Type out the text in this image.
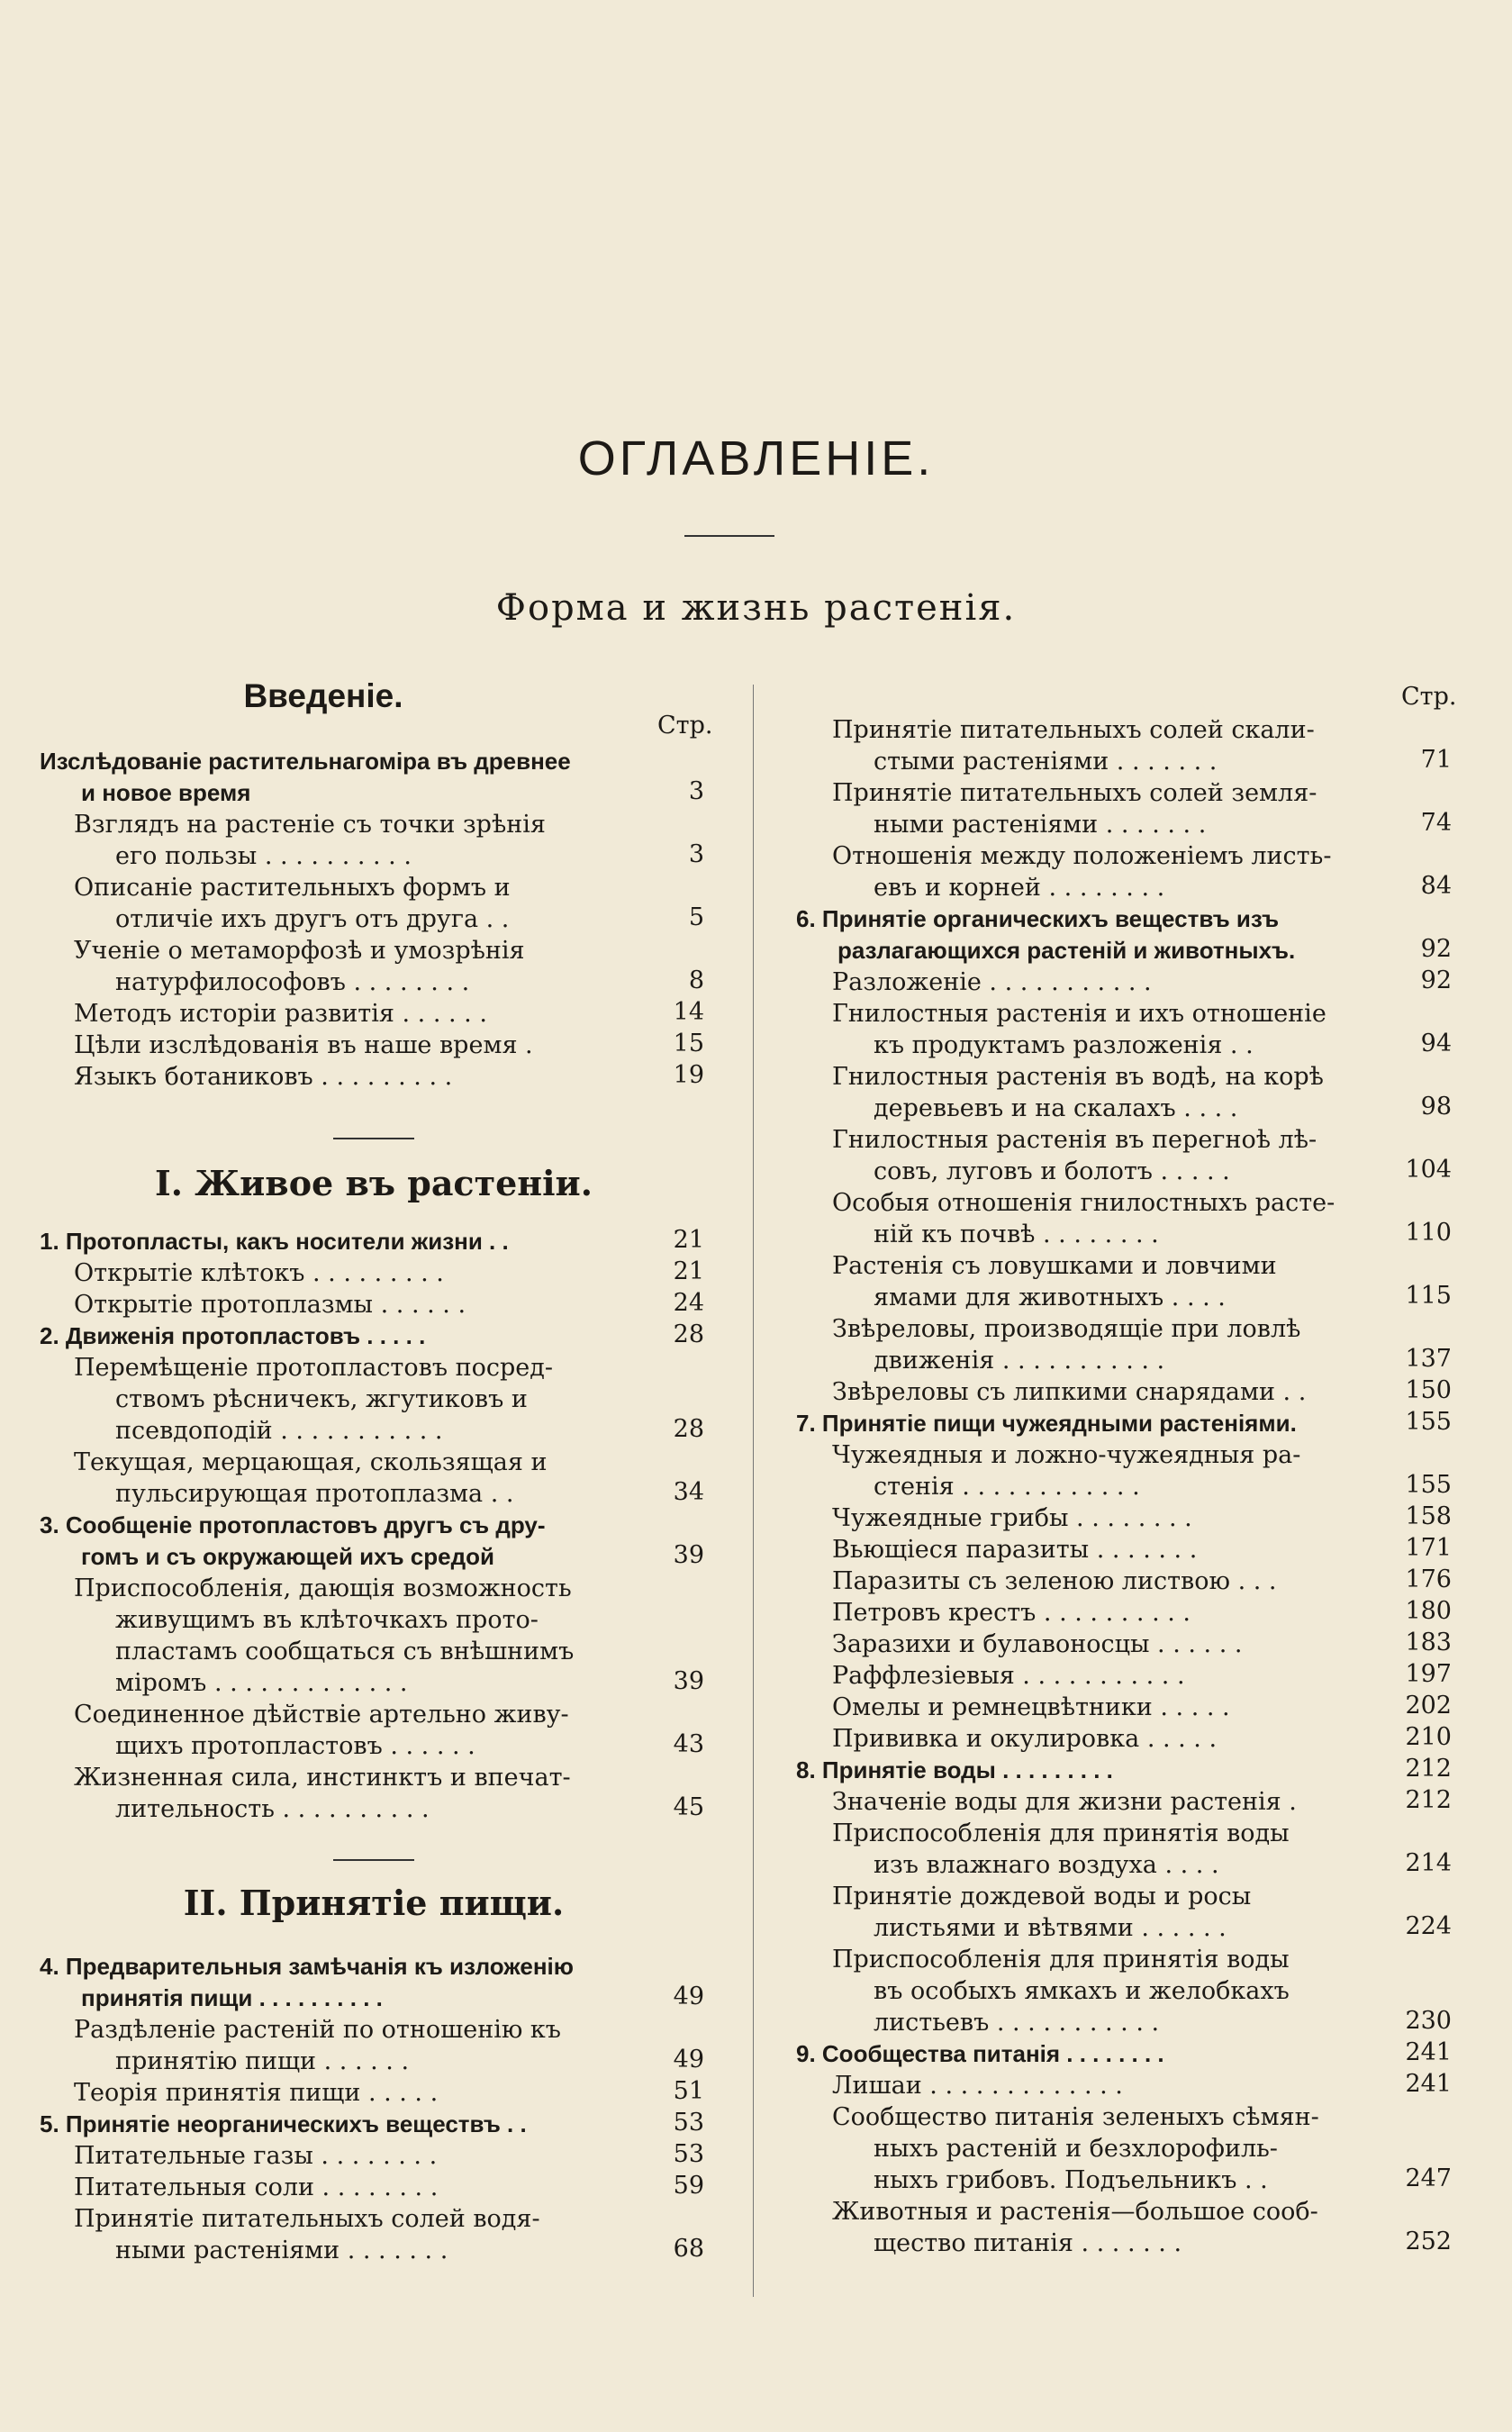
ОГЛАВЛЕНІЕ.
Форма и жизнь растенія.
Введеніе.
Стр.
Изслѣдованіе растительнагоміра въ древнее
и новое время	3
Взглядъ на растеніе съ точки зрѣнія
его пользы . . . . . . . . . .	3
Описаніе растительныхъ формъ и
отличіе ихъ другъ отъ друга . .	5
Ученіе о метаморфозѣ и умозрѣнія
натурфилософовъ . . . . . . . .	8
Методъ исторіи развитія . . . . . .	14
Цѣли изслѣдованія въ наше время .	15
Языкъ ботаниковъ . . . . . . . . .	19
I. Живое въ растеніи.
1. Протопласты, какъ носители жизни . .	21
Открытіе клѣтокъ . . . . . . . . .	21
Открытіе протоплазмы . . . . . .	24
2. Движенія протопластовъ . . . . .	28
Перемѣщеніе протопластовъ посред-
ствомъ рѣсничекъ, жгутиковъ и
псевдоподій . . . . . . . . . . .	28
Текущая, мерцающая, скользящая и
пульсирующая протоплазма . .	34
3. Сообщеніе протопластовъ другъ съ дру-
гомъ и съ окружающей ихъ средой	39
Приспособленія, дающія возможность
живущимъ въ клѣточкахъ прото-
пластамъ сообщаться съ внѣшнимъ
міромъ . . . . . . . . . . . . .	39
Соединенное дѣйствіе артельно живу-
щихъ протопластовъ . . . . . .	43
Жизненная сила, инстинктъ и впечат-
лительность . . . . . . . . . .	45
II. Принятіе пищи.
4. Предварительныя замѣчанія къ изложенію
принятія пищи . . . . . . . . . .	49
Раздѣленіе растеній по отношенію къ
принятію пищи . . . . . .	49
Теорія принятія пищи . . . . .	51
5. Принятіе неорганическихъ веществъ . .	53
Питательные газы . . . . . . . .	53
Питательныя соли . . . . . . . .	59
Принятіе питательныхъ солей водя-
ными растеніями . . . . . . .	68
Стр.
Принятіе питательныхъ солей скали-
стыми растеніями . . . . . . .	71
Принятіе питательныхъ солей земля-
ными растеніями . . . . . . .	74
Отношенія между положеніемъ листь-
евъ и корней . . . . . . . .	84
6. Принятіе органическихъ веществъ изъ
разлагающихся растеній и животныхъ.	92
Разложеніе . . . . . . . . . . .	92
Гнилостныя растенія и ихъ отношеніе
къ продуктамъ разложенія . .	94
Гнилостныя растенія въ водѣ, на корѣ
деревьевъ и на скалахъ . . . .	98
Гнилостныя растенія въ перегноѣ лѣ-
совъ, луговъ и болотъ . . . . .	104
Особыя отношенія гнилостныхъ расте-
ній къ почвѣ . . . . . . . .	110
Растенія съ ловушками и ловчими
ямами для животныхъ . . . .	115
Звѣреловы, производящіе при ловлѣ
движенія . . . . . . . . . . .	137
Звѣреловы съ липкими снарядами . .	150
7. Принятіе пищи чужеядными растеніями.	155
Чужеядныя и ложно-чужеядныя ра-
стенія . . . . . . . . . . . .	155
Чужеядные грибы . . . . . . . .	158
Вьющіеся паразиты . . . . . . .	171
Паразиты съ зеленою листвою . . .	176
Петровъ крестъ . . . . . . . . . .	180
Заразихи и булавоносцы . . . . . .	183
Раффлезіевыя . . . . . . . . . . .	197
Омелы и ремнецвѣтники . . . . .	202
Прививка и окулировка . . . . .	210
8. Принятіе воды . . . . . . . . .	212
Значеніе воды для жизни растенія .	212
Приспособленія для принятія воды
изъ влажнаго воздуха . . . .	214
Принятіе дождевой воды и росы
листьями и вѣтвями . . . . . .	224
Приспособленія для принятія воды
въ особыхъ ямкахъ и желобкахъ
листьевъ . . . . . . . . . . .	230
9. Сообщества питанія . . . . . . . .	241
Лишаи . . . . . . . . . . . . .	241
Сообщество питанія зеленыхъ сѣмян-
ныхъ растеній и безхлорофиль-
ныхъ грибовъ. Подъельникъ . .	247
Животныя и растенія—большое сооб-
щество питанія . . . . . . .	252
